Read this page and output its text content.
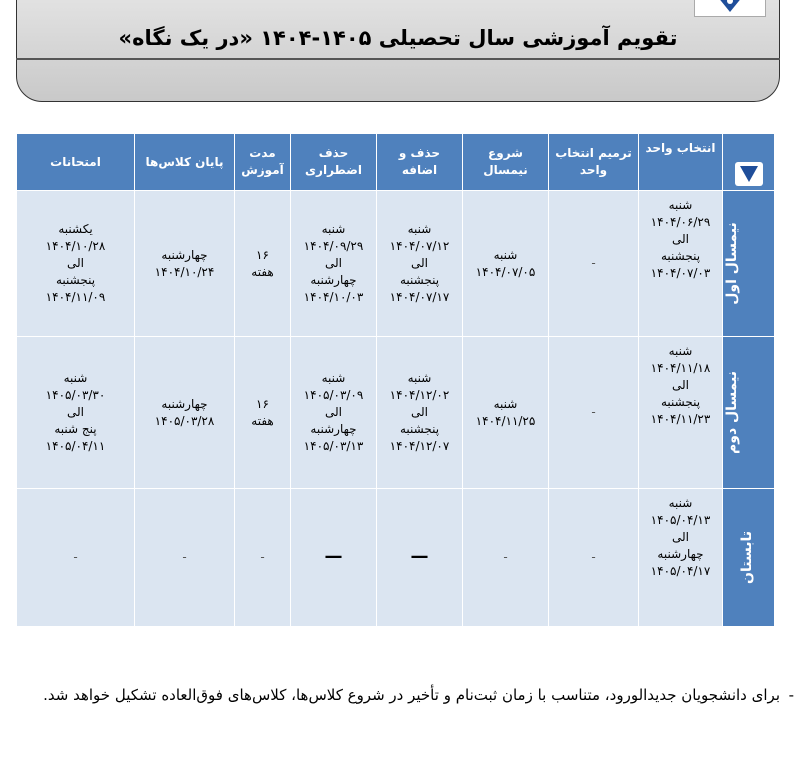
تقویم آموزشی سال تحصیلی ۱۴۰۵-۱۴۰۴ «در یک نگاه»
	انتخاب واحد	ترمیم انتخاب واحد	شروع نیمسال	حذف و اضافه	حذف اضطراری	مدت آموزش	پایان کلاس‌ها	امتحانات
نیمسال اول	شنبه
۱۴۰۴/۰۶/۲۹
الی
پنجشنبه
۱۴۰۴/۰۷/۰۳	-	شنبه
۱۴۰۴/۰۷/۰۵	شنبه
۱۴۰۴/۰۷/۱۲
الی
پنجشنبه
۱۴۰۴/۰۷/۱۷	شنبه
۱۴۰۴/۰۹/۲۹
الی
چهارشنبه
۱۴۰۴/۱۰/۰۳	۱۶
هفته	چهارشنبه
۱۴۰۴/۱۰/۲۴	یکشنبه
۱۴۰۴/۱۰/۲۸
الی
پنجشنبه
۱۴۰۴/۱۱/۰۹

نیمسال دوم	شنبه
۱۴۰۴/۱۱/۱۸
الی
پنجشنبه
۱۴۰۴/۱۱/۲۳	-	شنبه
۱۴۰۴/۱۱/۲۵	شنبه
۱۴۰۴/۱۲/۰۲
الی
پنجشنبه
۱۴۰۴/۱۲/۰۷	شنبه
۱۴۰۵/۰۳/۰۹
الی
چهارشنبه
۱۴۰۵/۰۳/۱۳	۱۶
هفته	چهارشنبه
۱۴۰۵/۰۳/۲۸	شنبه
۱۴۰۵/۰۳/۳۰
الی
پنج شنبه
۱۴۰۵/۰۴/۱۱

تابستان	شنبه
۱۴۰۵/۰۴/۱۳
الی
چهارشنبه
۱۴۰۵/۰۴/۱۷	-	-	—	—	-	-	-
-
برای دانشجویان جدیدالورود، متناسب با زمان ثبت‌نام و تأخیر در شروع کلاس‌ها، کلاس‌های فوق‌العاده تشکیل خواهد شد.
